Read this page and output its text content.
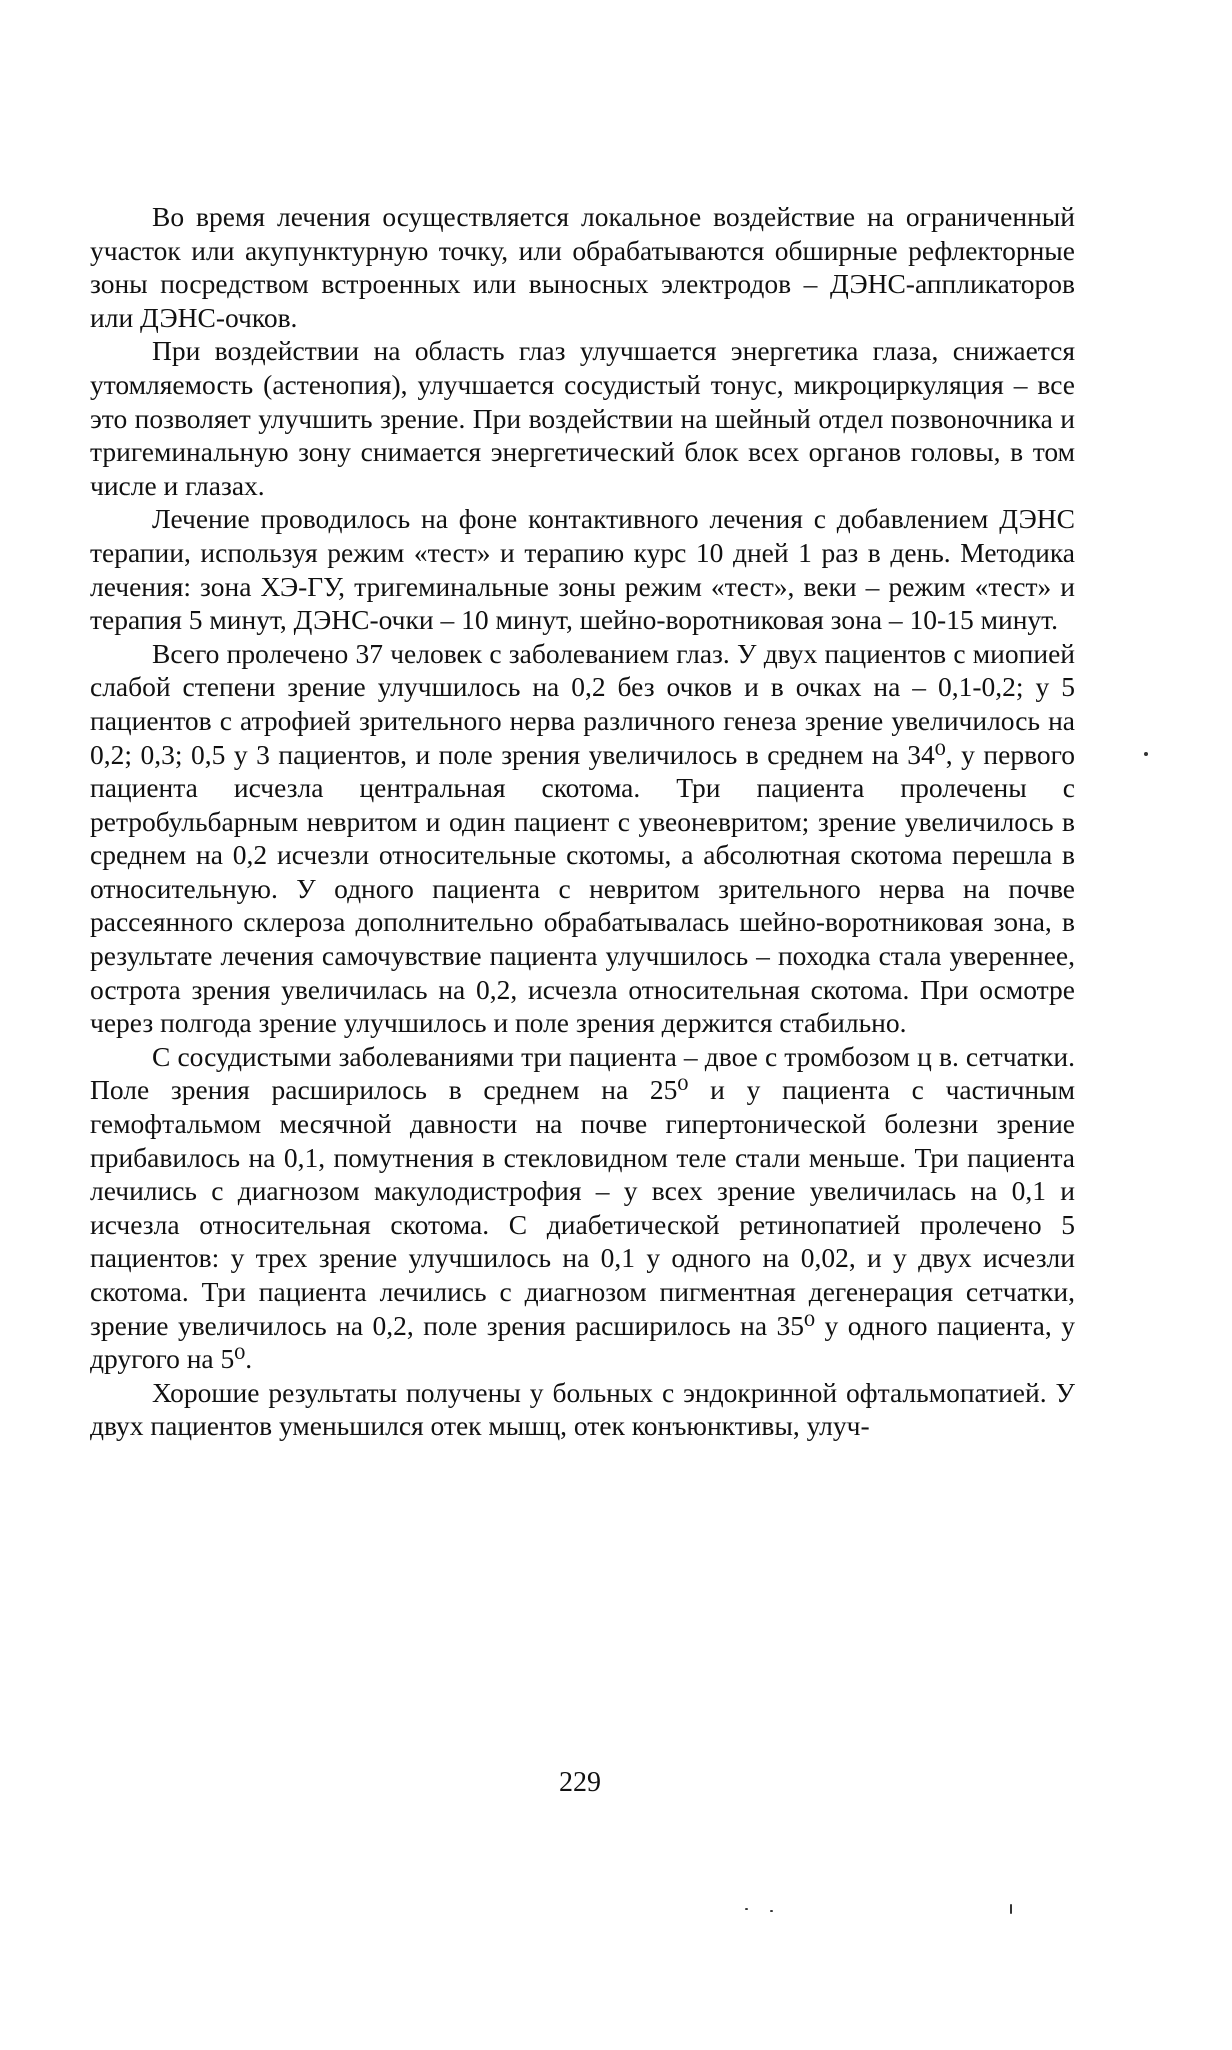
Во время лечения осуществляется локальное воздействие на ограниченный участок или акупунктурную точку, или обрабатываются обширные рефлекторные зоны посредством встроенных или выносных электродов – ДЭНС-аппликаторов или ДЭНС-очков.

При воздействии на область глаз улучшается энергетика глаза, снижается утомляемость (астенопия), улучшается сосудистый тонус, микроциркуляция – все это позволяет улучшить зрение. При воздействии на шейный отдел позвоночника и тригеминальную зону снимается энергетический блок всех органов головы, в том числе и глазах.

Лечение проводилось на фоне контактивного лечения с добавлением ДЭНС терапии, используя режим «тест» и терапию курс 10 дней 1 раз в день. Методика лечения: зона ХЭ-ГУ, тригеминальные зоны режим «тест», веки – режим «тест» и терапия 5 минут, ДЭНС-очки – 10 минут, шейно-воротниковая зона – 10-15 минут.

Всего пролечено 37 человек с заболеванием глаз. У двух пациентов с миопией слабой степени зрение улучшилось на 0,2 без очков и в очках на – 0,1-0,2; у 5 пациентов с атрофией зрительного нерва различного генеза зрение увеличилось на 0,2; 0,3; 0,5 у 3 пациентов, и поле зрения увеличилось в среднем на 34⁰, у первого пациента исчезла центральная скотома. Три пациента пролечены с ретробульбарным невритом и один пациент с увеоневритом; зрение увеличилось в среднем на 0,2 исчезли относительные скотомы, а абсолютная скотома перешла в относительную. У одного пациента с невритом зрительного нерва на почве рассеянного склероза дополнительно обрабатывалась шейно-воротниковая зона, в результате лечения самочувствие пациента улучшилось – походка стала увереннее, острота зрения увеличилась на 0,2, исчезла относительная скотома. При осмотре через полгода зрение улучшилось и поле зрения держится стабильно.

С сосудистыми заболеваниями три пациента – двое с тромбозом ц в. сетчатки. Поле зрения расширилось в среднем на 25⁰ и у пациента с частичным гемофтальмом месячной давности на почве гипертонической болезни зрение прибавилось на 0,1, помутнения в стекловидном теле стали меньше. Три пациента лечились с диагнозом макулодистрофия – у всех зрение увеличилась на 0,1 и исчезла относительная скотома. С диабетической ретинопатией пролечено 5 пациентов: у трех зрение улучшилось на 0,1 у одного на 0,02, и у двух исчезли скотома. Три пациента лечились с диагнозом пигментная дегенерация сетчатки, зрение увеличилось на 0,2, поле зрения расширилось на 35⁰ у одного пациента, у другого на 5⁰.

Хорошие результаты получены у больных с эндокринной офтальмопатией. У двух пациентов уменьшился отек мышц, отек конъюнктивы, улуч-

229
